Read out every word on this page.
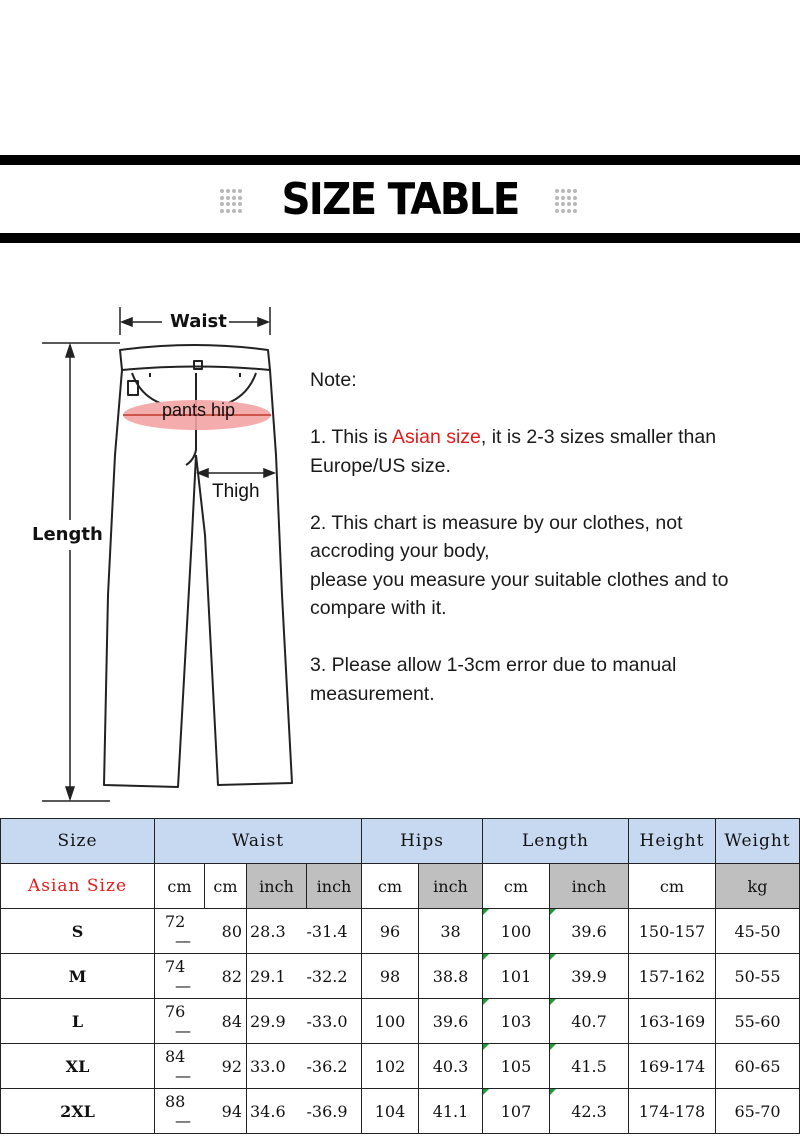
SIZE TABLE
Waist
pants hip
Thigh
Length

Note:

1. This is Asian size, it is 2-3 sizes smaller than

Europe/US size.

2. This chart is measure by our clothes, not

accroding your body,

please you measure your suitable clothes and to

compare with it.

3. Please allow 1-3cm error due to manual

measurement.

Size	Waist				Hips		Length		Height	Weight
Asian Size	cm	cm	inch	inch	cm	inch	cm	inch	cm	kg
S	72—	80	28.3	-31.4	96	38	100	39.6	150-157	45-50
M	74—	82	29.1	-32.2	98	38.8	101	39.9	157-162	50-55
L	76—	84	29.9	-33.0	100	39.6	103	40.7	163-169	55-60
XL	84—	92	33.0	-36.2	102	40.3	105	41.5	169-174	60-65
2XL	88—	94	34.6	-36.9	104	41.1	107	42.3	174-178	65-70
